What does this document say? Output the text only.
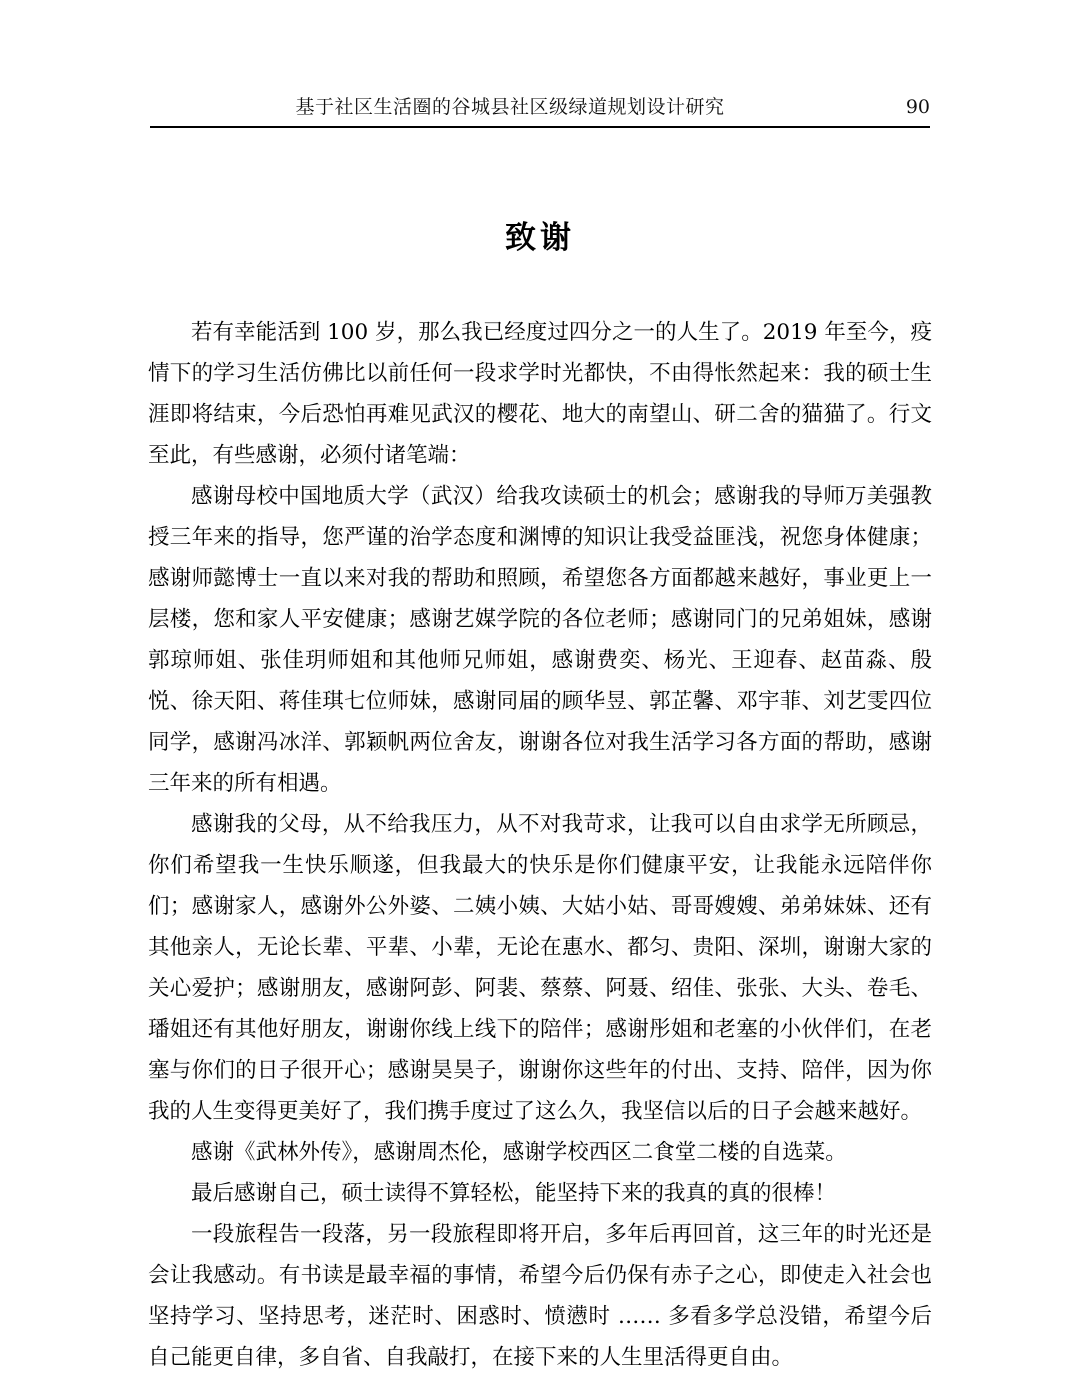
基于社区生活圈的谷城县社区级绿道规划设计研究	90
致谢

若有幸能活到 100 岁，那么我已经度过四分之一的人生了。2019 年至今，疫情下的学习生活仿佛比以前任何一段求学时光都快，不由得怅然起来：我的硕士生涯即将结束，今后恐怕再难见武汉的樱花、地大的南望山、研二舍的猫猫了。行文至此，有些感谢，必须付诸笔端：

感谢母校中国地质大学（武汉）给我攻读硕士的机会；感谢我的导师万美强教授三年来的指导，您严谨的治学态度和渊博的知识让我受益匪浅，祝您身体健康；感谢师懿博士一直以来对我的帮助和照顾，希望您各方面都越来越好，事业更上一层楼，您和家人平安健康；感谢艺媒学院的各位老师；感谢同门的兄弟姐妹，感谢郭琼师姐、张佳玥师姐和其他师兄师姐，感谢费奕、杨光、王迎春、赵苗淼、殷悦、徐天阳、蒋佳琪七位师妹，感谢同届的顾华昱、郭芷馨、邓宇菲、刘艺雯四位同学，感谢冯冰洋、郭颖帆两位舍友，谢谢各位对我生活学习各方面的帮助，感谢三年来的所有相遇。

感谢我的父母，从不给我压力，从不对我苛求，让我可以自由求学无所顾忌，你们希望我一生快乐顺遂，但我最大的快乐是你们健康平安，让我能永远陪伴你们；感谢家人，感谢外公外婆、二姨小姨、大姑小姑、哥哥嫂嫂、弟弟妹妹、还有其他亲人，无论长辈、平辈、小辈，无论在惠水、都匀、贵阳、深圳，谢谢大家的关心爱护；感谢朋友，感谢阿彭、阿裴、蔡蔡、阿聂、绍佳、张张、大头、卷毛、璠姐还有其他好朋友，谢谢你线上线下的陪伴；感谢彤姐和老塞的小伙伴们，在老塞与你们的日子很开心；感谢昊昊子，谢谢你这些年的付出、支持、陪伴，因为你我的人生变得更美好了，我们携手度过了这么久，我坚信以后的日子会越来越好。

感谢《武林外传》，感谢周杰伦，感谢学校西区二食堂二楼的自选菜。

最后感谢自己，硕士读得不算轻松，能坚持下来的我真的真的很棒！

一段旅程告一段落，另一段旅程即将开启，多年后再回首，这三年的时光还是会让我感动。有书读是最幸福的事情，希望今后仍保有赤子之心，即使走入社会也坚持学习、坚持思考，迷茫时、困惑时、愤懑时 …… 多看多学总没错，希望今后自己能更自律，多自省、自我敲打，在接下来的人生里活得更自由。
